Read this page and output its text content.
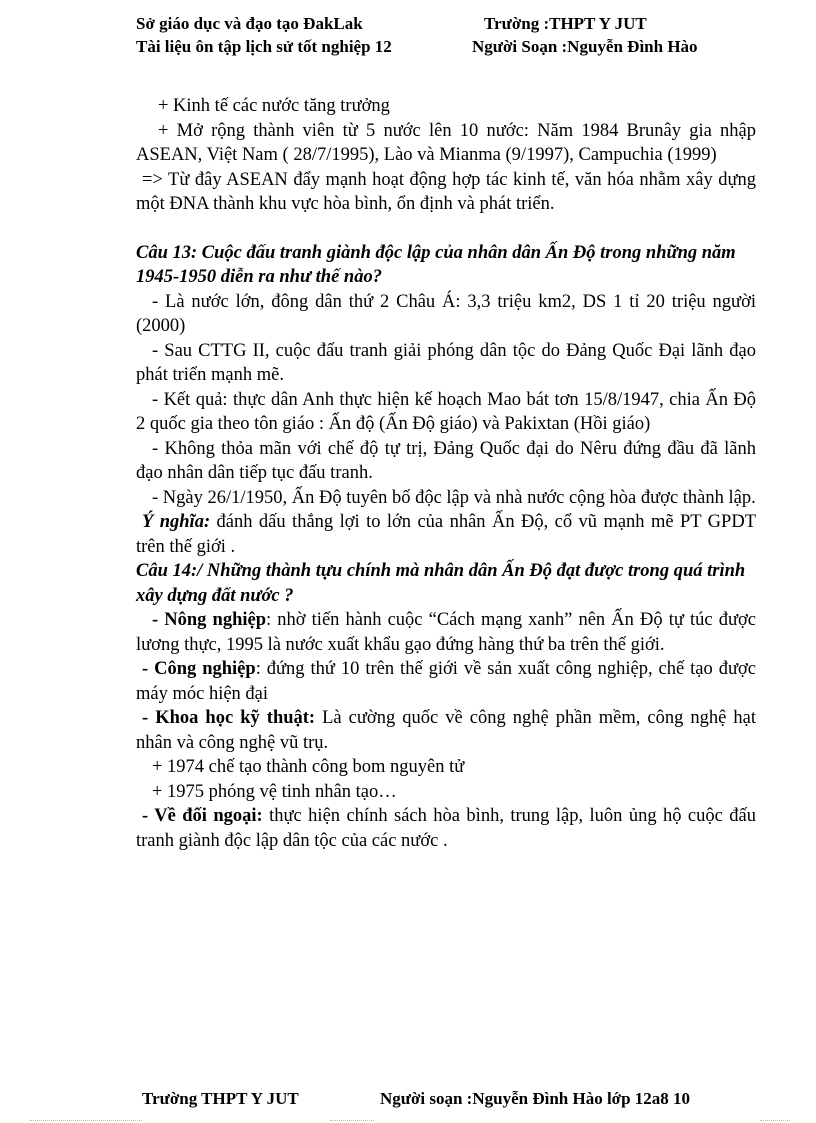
Sở giáo dục và đạo tạo ĐakLak	Trường :THPT Y JUT
Tài liệu ôn tập lịch sử tốt nghiệp 12	Người Soạn :Nguyễn Đình Hào

+ Kinh tế các nước tăng trưởng

+ Mở rộng thành viên từ 5 nước lên 10 nước: Năm 1984 Brunây gia nhập ASEAN, Việt Nam ( 28/7/1995), Lào và Mianma (9/1997), Campuchia (1999)

=> Từ đây ASEAN đẩy mạnh hoạt động hợp tác kinh tế, văn hóa nhằm xây dựng một ĐNA thành khu vực hòa bình, ổn định và phát triển.

Câu 13: Cuộc đấu tranh giành độc lập của nhân dân Ấn Độ trong những năm 1945-1950 diễn ra như thế nào?

- Là nước lớn, đông dân thứ 2 Châu Á: 3,3 triệu km2, DS 1 tỉ 20 triệu người (2000)

- Sau CTTG II, cuộc đấu tranh giải phóng dân tộc do Đảng Quốc Đại lãnh đạo phát triển mạnh mẽ.

- Kết quả: thực dân Anh thực hiện kế hoạch Mao bát tơn 15/8/1947, chia Ấn Độ 2 quốc gia theo tôn giáo : Ấn độ (Ấn Độ giáo) và Pakixtan (Hồi giáo)

- Không thỏa mãn với chế độ tự trị, Đảng Quốc đại do Nêru đứng đầu đã lãnh đạo nhân dân tiếp tục đấu tranh.

- Ngày 26/1/1950, Ấn Độ tuyên bố độc lập và nhà nước cộng hòa được thành lập.

Ý nghĩa: đánh dấu thắng lợi to lớn của nhân Ấn Độ, cổ vũ mạnh mẽ PT GPDT trên thế giới .

Câu 14:/ Những thành tựu chính mà nhân dân Ấn Độ đạt được trong quá trình xây dựng đất nước ?

- Nông nghiệp: nhờ tiến hành cuộc “Cách mạng xanh” nên Ấn Độ tự túc được lương thực, 1995 là nước xuất khẩu gạo đứng hàng thứ ba trên thế giới.

- Công nghiệp: đứng thứ 10 trên thế giới về sản xuất công nghiệp, chế tạo được máy móc hiện đại

- Khoa học kỹ thuật: Là cường quốc về công nghệ phần mềm, công nghệ hạt nhân và công nghệ vũ trụ.

+ 1974 chế tạo thành công bom nguyên tử

+ 1975 phóng vệ tinh nhân tạo…

- Về đối ngoại: thực hiện chính sách hòa bình, trung lập, luôn ủng hộ cuộc đấu tranh giành độc lập dân tộc của các nước .

Trường THPT Y JUT	Người soạn :Nguyễn Đình Hào lớp 12a8 10
